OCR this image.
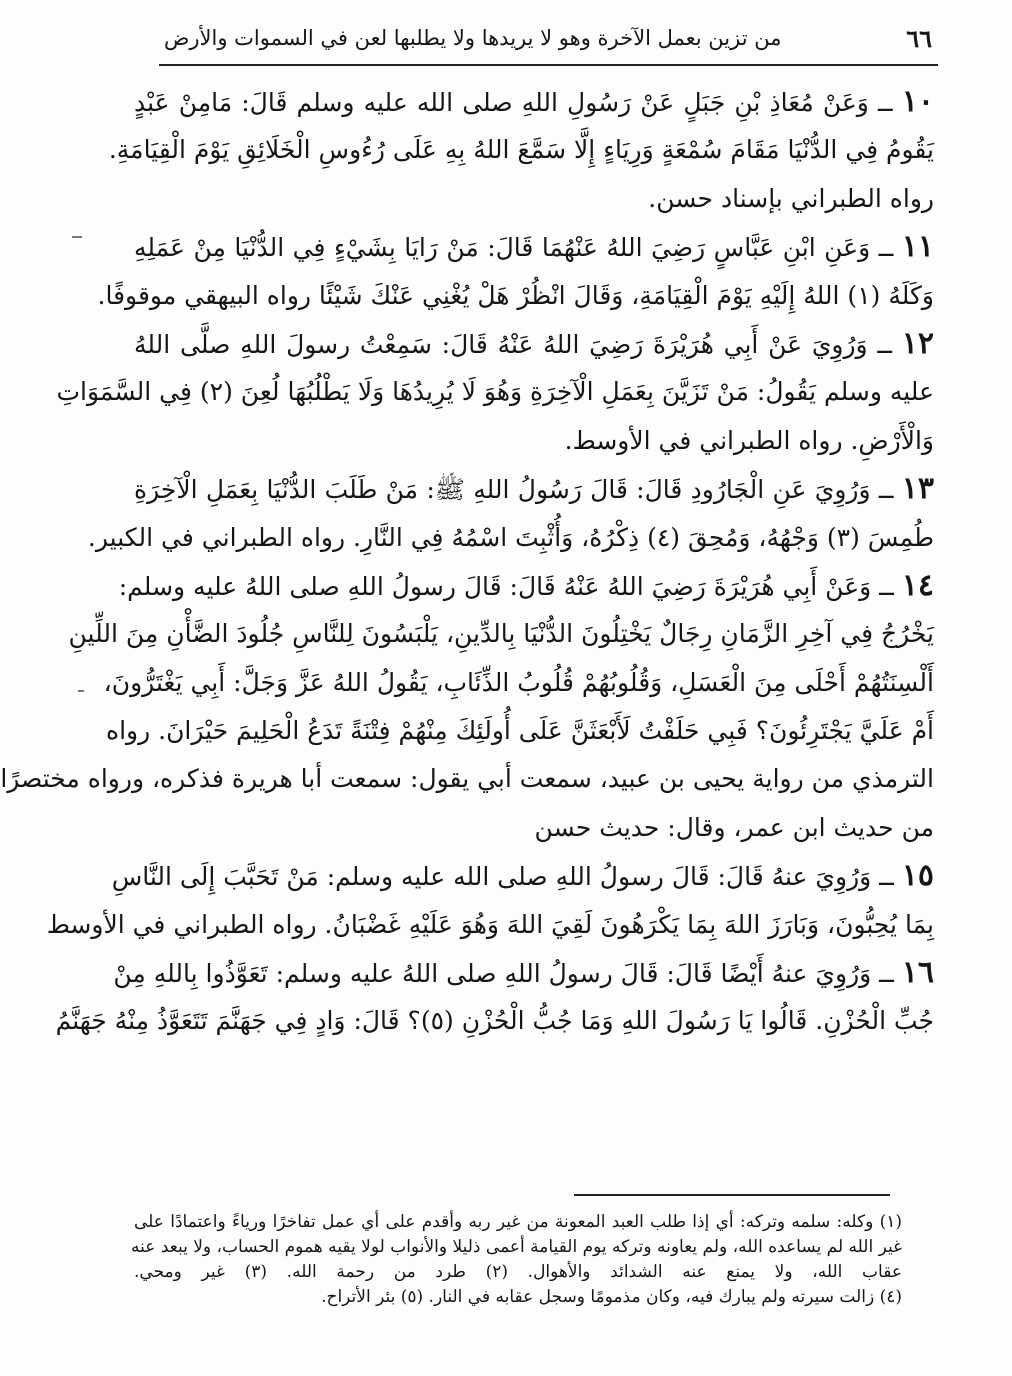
٦٦
من تزين بعمل الآخرة وهو لا يريدها ولا يطلبها لعن في السموات والأرض
١٠ ــ وَعَنْ مُعَاذِ بْنِ جَبَلٍ عَنْ رَسُولِ اللهِ صلى الله عليه وسلم قَالَ: مَامِنْ عَبْدٍ
يَقُومُ فِي الدُّنْيَا مَقَامَ سُمْعَةٍ وَرِيَاءٍ إِلَّا سَمَّعَ اللهُ بِهِ عَلَى رُءُوسِ الْخَلَائِقِ يَوْمَ الْقِيَامَةِ.
رواه الطبراني بإسناد حسن.
١١ ــ وَعَنِ ابْنِ عَبَّاسٍ رَضِيَ اللهُ عَنْهُمَا قَالَ: مَنْ رَايَا بِشَيْءٍ فِي الدُّنْيَا مِنْ عَمَلِهِ
وَكَلَهُ (١) اللهُ إِلَيْهِ يَوْمَ الْقِيَامَةِ، وَقَالَ انْظُرْ هَلْ يُغْنِي عَنْكَ شَيْئًا رواه البيهقي موقوفًا.
١٢ ــ وَرُوِيَ عَنْ أَبِي هُرَيْرَةَ رَضِيَ اللهُ عَنْهُ قَالَ: سَمِعْتُ رسولَ اللهِ صلَّى اللهُ
عليه وسلم يَقُولُ: مَنْ تَزَيَّنَ بِعَمَلِ الْآخِرَةِ وَهُوَ لَا يُرِيدُهَا وَلَا يَطْلُبُهَا لُعِنَ (٢) فِي السَّمَوَاتِ
وَالْأَرْضِ. رواه الطبراني في الأوسط.
١٣ ــ وَرُوِيَ عَنِ الْجَارُودِ قَالَ: قَالَ رَسُولُ اللهِ ﷺ: مَنْ طَلَبَ الدُّنْيَا بِعَمَلِ الْآخِرَةِ
طُمِسَ (٣) وَجْهُهُ، وَمُحِقَ (٤) ذِكْرُهُ، وَأُثْبِتَ اسْمُهُ فِي النَّارِ. رواه الطبراني في الكبير.
١٤ ــ وَعَنْ أَبِي هُرَيْرَةَ رَضِيَ اللهُ عَنْهُ قَالَ: قَالَ رسولُ اللهِ صلى اللهُ عليه وسلم:
يَخْرُجُ فِي آخِرِ الزَّمَانِ رِجَالٌ يَخْتِلُونَ الدُّنْيَا بِالدِّينِ، يَلْبَسُونَ لِلنَّاسِ جُلُودَ الضَّأْنِ مِنَ اللِّينِ
أَلْسِنَتُهُمْ أَحْلَى مِنَ الْعَسَلِ، وَقُلُوبُهُمْ قُلُوبُ الذِّئَابِ، يَقُولُ اللهُ عَزَّ وَجَلَّ: أَبِي يَغْتَرُّونَ،
أَمْ عَلَيَّ يَجْتَرِئُونَ؟ فَبِي حَلَفْتُ لَأَبْعَثَنَّ عَلَى أُولَئِكَ مِنْهُمْ فِتْنَةً تَدَعُ الْحَلِيمَ حَيْرَانَ. رواه
الترمذي من رواية يحيى بن عبيد، سمعت أبي يقول: سمعت أبا هريرة فذكره، ورواه مختصرًا
من حديث ابن عمر، وقال: حديث حسن
١٥ ــ وَرُوِيَ عنهُ قَالَ: قَالَ رسولُ اللهِ صلى الله عليه وسلم: مَنْ تَحَبَّبَ إِلَى النَّاسِ
بِمَا يُحِبُّونَ، وَبَارَزَ اللهَ بِمَا يَكْرَهُونَ لَقِيَ اللهَ وَهُوَ عَلَيْهِ غَضْبَانُ. رواه الطبراني في الأوسط
١٦ ــ وَرُوِيَ عنهُ أَيْضًا قَالَ: قَالَ رسولُ اللهِ صلى اللهُ عليه وسلم: تَعَوَّذُوا بِاللهِ مِنْ
جُبِّ الْحُزْنِ. قَالُوا يَا رَسُولَ اللهِ وَمَا جُبُّ الْحُزْنِ (٥)؟ قَالَ: وَادٍ فِي جَهَنَّمَ تَتَعَوَّذُ مِنْهُ جَهَنَّمُ
(١) وكله: سلمه وتركه: أي إذا طلب العبد المعونة من غير ربه وأقدم على أي عمل تفاخرًا ورياءً واعتمادًا على
غير الله لم يساعده الله، ولم يعاونه وتركه يوم القيامة أعمى ذليلا والأنواب لولا يقيه هموم الحساب، ولا يبعد عنه
عقاب الله، ولا يمنع عنه الشدائد والأهوال. (٢) طرد من رحمة الله. (٣) غير ومحي.
(٤) زالت سيرته ولم يبارك فيه، وكان مذمومًا وسجل عقابه في النار. (٥) بئر الأتراح.
